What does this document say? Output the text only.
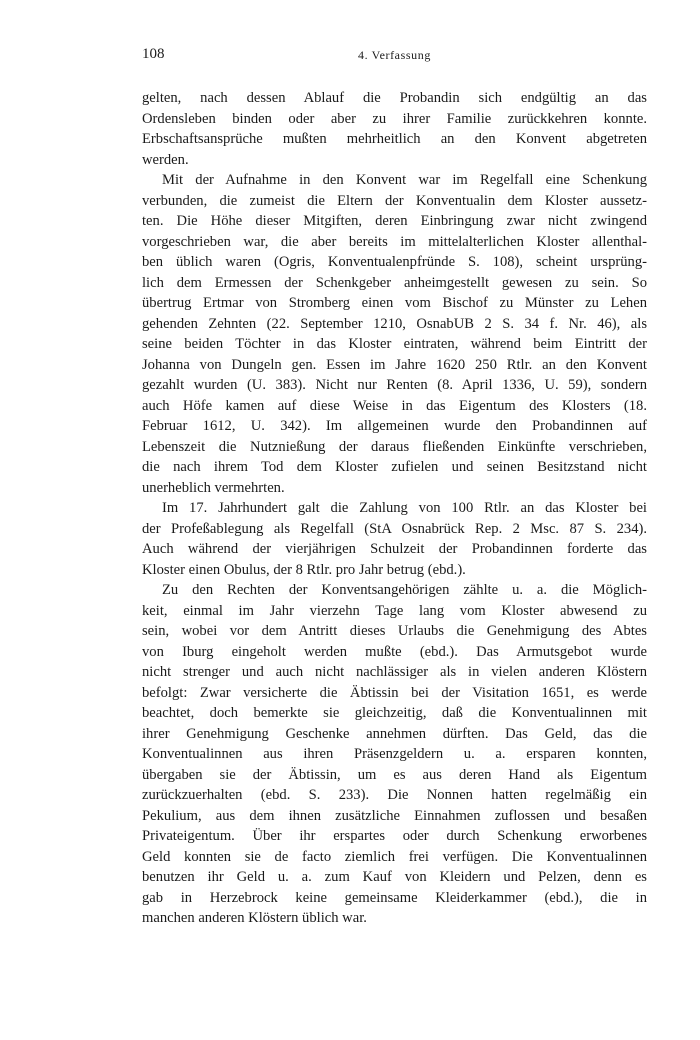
108	4. Verfassung
gelten, nach dessen Ablauf die Probandin sich endgültig an das
Ordensleben binden oder aber zu ihrer Familie zurückkehren konnte.
Erbschaftsansprüche mußten mehrheitlich an den Konvent abgetreten
werden.
Mit der Aufnahme in den Konvent war im Regelfall eine Schenkung
verbunden, die zumeist die Eltern der Konventualin dem Kloster aussetz-
ten. Die Höhe dieser Mitgiften, deren Einbringung zwar nicht zwingend
vorgeschrieben war, die aber bereits im mittelalterlichen Kloster allenthal-
ben üblich waren (Ogris, Konventualenpfründe S. 108), scheint ursprüng-
lich dem Ermessen der Schenkgeber anheimgestellt gewesen zu sein. So
übertrug Ertmar von Stromberg einen vom Bischof zu Münster zu Lehen
gehenden Zehnten (22. September 1210, OsnabUB 2 S. 34 f. Nr. 46), als
seine beiden Töchter in das Kloster eintraten, während beim Eintritt der
Johanna von Dungeln gen. Essen im Jahre 1620 250 Rtlr. an den Konvent
gezahlt wurden (U. 383). Nicht nur Renten (8. April 1336, U. 59), sondern
auch Höfe kamen auf diese Weise in das Eigentum des Klosters (18.
Februar 1612, U. 342). Im allgemeinen wurde den Probandinnen auf
Lebenszeit die Nutznießung der daraus fließenden Einkünfte verschrieben,
die nach ihrem Tod dem Kloster zufielen und seinen Besitzstand nicht
unerheblich vermehrten.
Im 17. Jahrhundert galt die Zahlung von 100 Rtlr. an das Kloster bei
der Profeßablegung als Regelfall (StA Osnabrück Rep. 2 Msc. 87 S. 234).
Auch während der vierjährigen Schulzeit der Probandinnen forderte das
Kloster einen Obulus, der 8 Rtlr. pro Jahr betrug (ebd.).
Zu den Rechten der Konventsangehörigen zählte u. a. die Möglich-
keit, einmal im Jahr vierzehn Tage lang vom Kloster abwesend zu
sein, wobei vor dem Antritt dieses Urlaubs die Genehmigung des Abtes
von Iburg eingeholt werden mußte (ebd.). Das Armutsgebot wurde
nicht strenger und auch nicht nachlässiger als in vielen anderen Klöstern
befolgt: Zwar versicherte die Äbtissin bei der Visitation 1651, es werde
beachtet, doch bemerkte sie gleichzeitig, daß die Konventualinnen mit
ihrer Genehmigung Geschenke annehmen dürften. Das Geld, das die
Konventualinnen aus ihren Präsenzgeldern u. a. ersparen konnten,
übergaben sie der Äbtissin, um es aus deren Hand als Eigentum
zurückzuerhalten (ebd. S. 233). Die Nonnen hatten regelmäßig ein
Pekulium, aus dem ihnen zusätzliche Einnahmen zuflossen und besaßen
Privateigentum. Über ihr erspartes oder durch Schenkung erworbenes
Geld konnten sie de facto ziemlich frei verfügen. Die Konventualinnen
benutzen ihr Geld u. a. zum Kauf von Kleidern und Pelzen, denn es
gab in Herzebrock keine gemeinsame Kleiderkammer (ebd.), die in
manchen anderen Klöstern üblich war.
